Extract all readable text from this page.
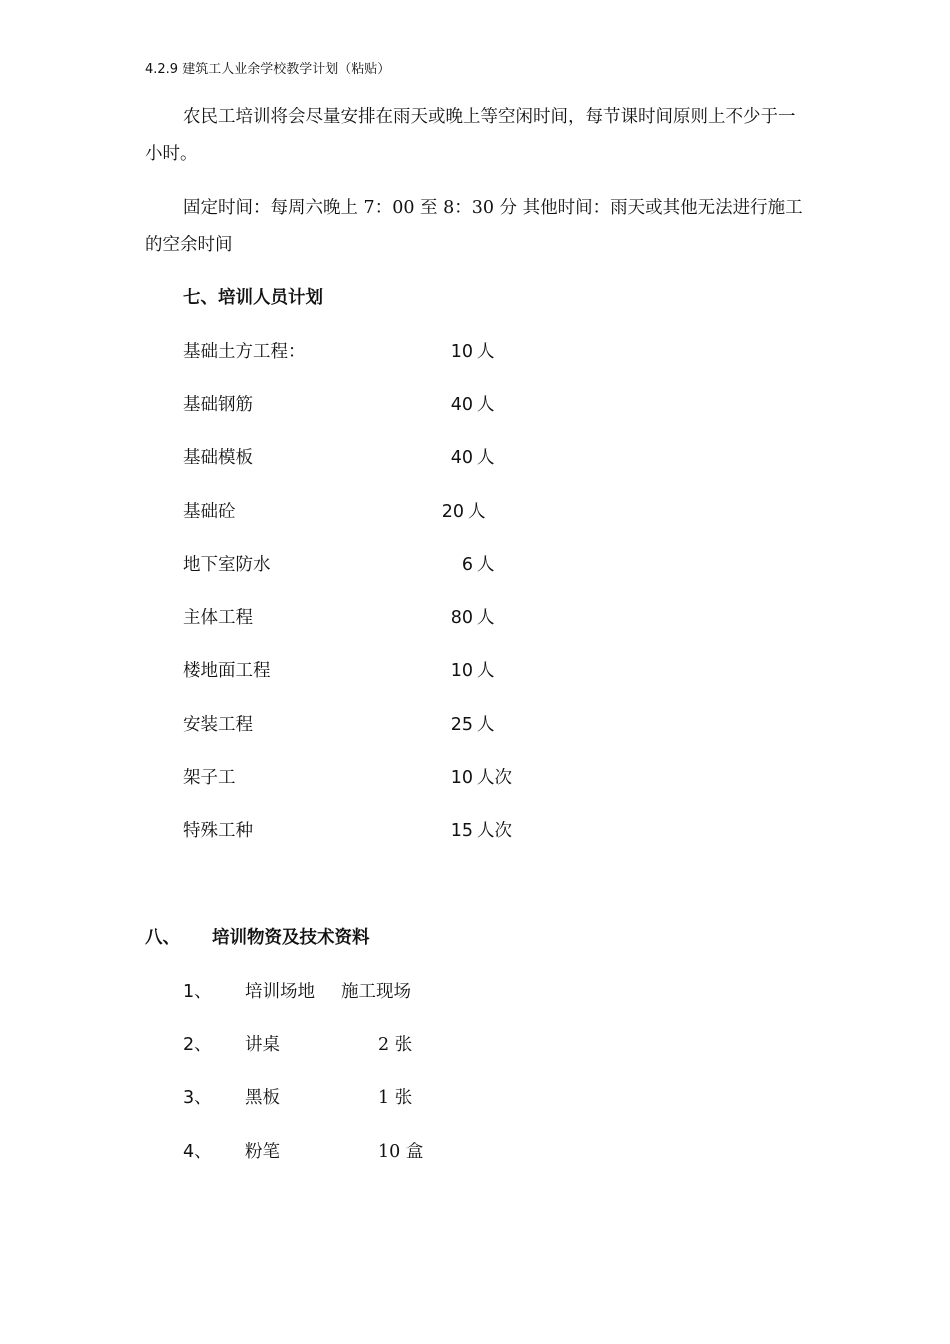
4.2.9 建筑工人业余学校教学计划（粘贴）

农民工培训将会尽量安排在雨天或晚上等空闲时间，每节课时间原则上不少于一小时。

固定时间：每周六晚上 7：00 至 8：30 分 其他时间：雨天或其他无法进行施工的空余时间

七、培训人员计划
基础土方工程：	10 人
基础钢筋	40 人
基础模板	40 人
基础砼	20 人
地下室防水	6 人
主体工程	80 人
楼地面工程	10 人
安装工程	25 人
架子工	10 人次
特殊工种	15 人次
八、 培训物资及技术资料
1、 培训场地 施工现场
2、 讲桌	2 张
3、 黑板	1 张
4、 粉笔	10 盒
